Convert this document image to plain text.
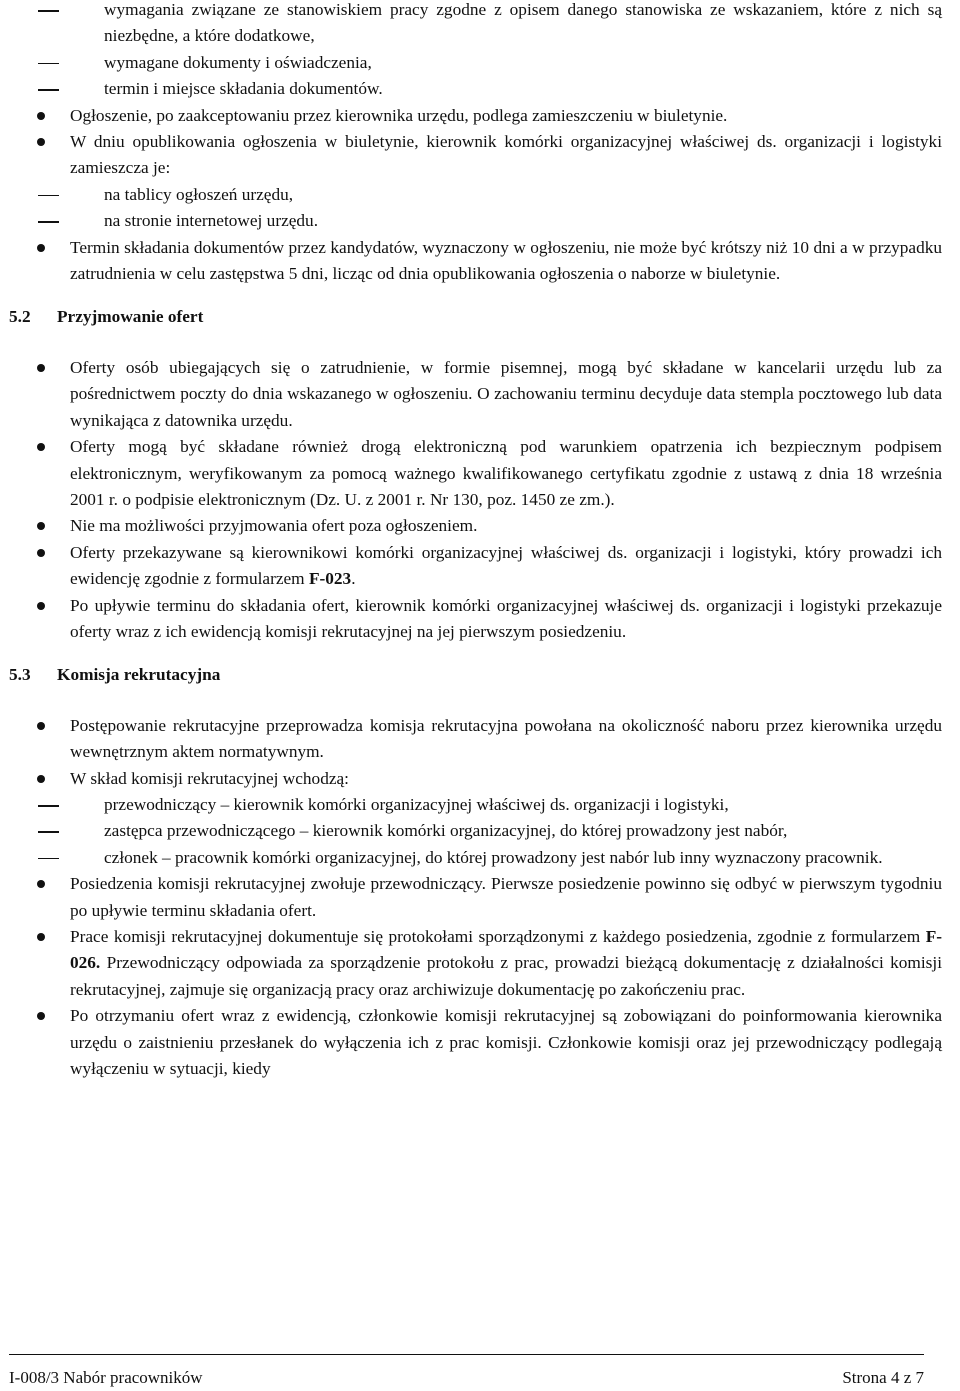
wymagania związane ze stanowiskiem pracy zgodne z opisem danego stanowiska ze wskazaniem, które z nich są niezbędne, a które dodatkowe,
wymagane dokumenty i oświadczenia,
termin i miejsce składania dokumentów.
Ogłoszenie, po zaakceptowaniu przez kierownika urzędu, podlega zamieszczeniu w biuletynie.
W dniu opublikowania ogłoszenia w biuletynie, kierownik komórki organizacyjnej właściwej ds. organizacji i logistyki zamieszcza je:
na tablicy ogłoszeń urzędu,
na stronie internetowej urzędu.
Termin składania dokumentów przez kandydatów, wyznaczony w ogłoszeniu, nie może być krótszy niż 10 dni a w przypadku zatrudnienia w celu zastępstwa 5 dni, licząc od dnia opublikowania ogłoszenia o naborze w biuletynie.
5.2 Przyjmowanie ofert
Oferty osób ubiegających się o zatrudnienie, w formie pisemnej, mogą być składane w kancelarii urzędu lub za pośrednictwem poczty do dnia wskazanego w ogłoszeniu. O zachowaniu terminu decyduje data stempla pocztowego lub data wynikająca z datownika urzędu.
Oferty mogą być składane również drogą elektroniczną pod warunkiem opatrzenia ich bezpiecznym podpisem elektronicznym, weryfikowanym za pomocą ważnego kwalifikowanego certyfikatu zgodnie z ustawą z dnia 18 września 2001 r. o podpisie elektronicznym (Dz. U. z 2001 r. Nr 130, poz. 1450 ze zm.).
Nie ma możliwości przyjmowania ofert poza ogłoszeniem.
Oferty przekazywane są kierownikowi komórki organizacyjnej właściwej ds. organizacji i logistyki, który prowadzi ich ewidencję zgodnie z formularzem F-023.
Po upływie terminu do składania ofert, kierownik komórki organizacyjnej właściwej ds. organizacji i logistyki przekazuje oferty wraz z ich ewidencją komisji rekrutacyjnej na jej pierwszym posiedzeniu.
5.3 Komisja rekrutacyjna
Postępowanie rekrutacyjne przeprowadza komisja rekrutacyjna powołana na okoliczność naboru przez kierownika urzędu wewnętrznym aktem normatywnym.
W skład komisji rekrutacyjnej wchodzą:
przewodniczący – kierownik komórki organizacyjnej właściwej ds. organizacji i logistyki,
zastępca przewodniczącego – kierownik komórki organizacyjnej, do której prowadzony jest nabór,
członek – pracownik komórki organizacyjnej, do której prowadzony jest nabór lub inny wyznaczony pracownik.
Posiedzenia komisji rekrutacyjnej zwołuje przewodniczący. Pierwsze posiedzenie powinno się odbyć w pierwszym tygodniu po upływie terminu składania ofert.
Prace komisji rekrutacyjnej dokumentuje się protokołami sporządzonymi z każdego posiedzenia, zgodnie z formularzem F-026. Przewodniczący odpowiada za sporządzenie protokołu z prac, prowadzi bieżącą dokumentację z działalności komisji rekrutacyjnej, zajmuje się organizacją pracy oraz archiwizuje dokumentację po zakończeniu prac.
Po otrzymaniu ofert wraz z ewidencją, członkowie komisji rekrutacyjnej są zobowiązani do poinformowania kierownika urzędu o zaistnieniu przesłanek do wyłączenia ich z prac komisji. Członkowie komisji oraz jej przewodniczący podlegają wyłączeniu w sytuacji, kiedy
I-008/3 Nabór pracowników	Strona 4 z 7
